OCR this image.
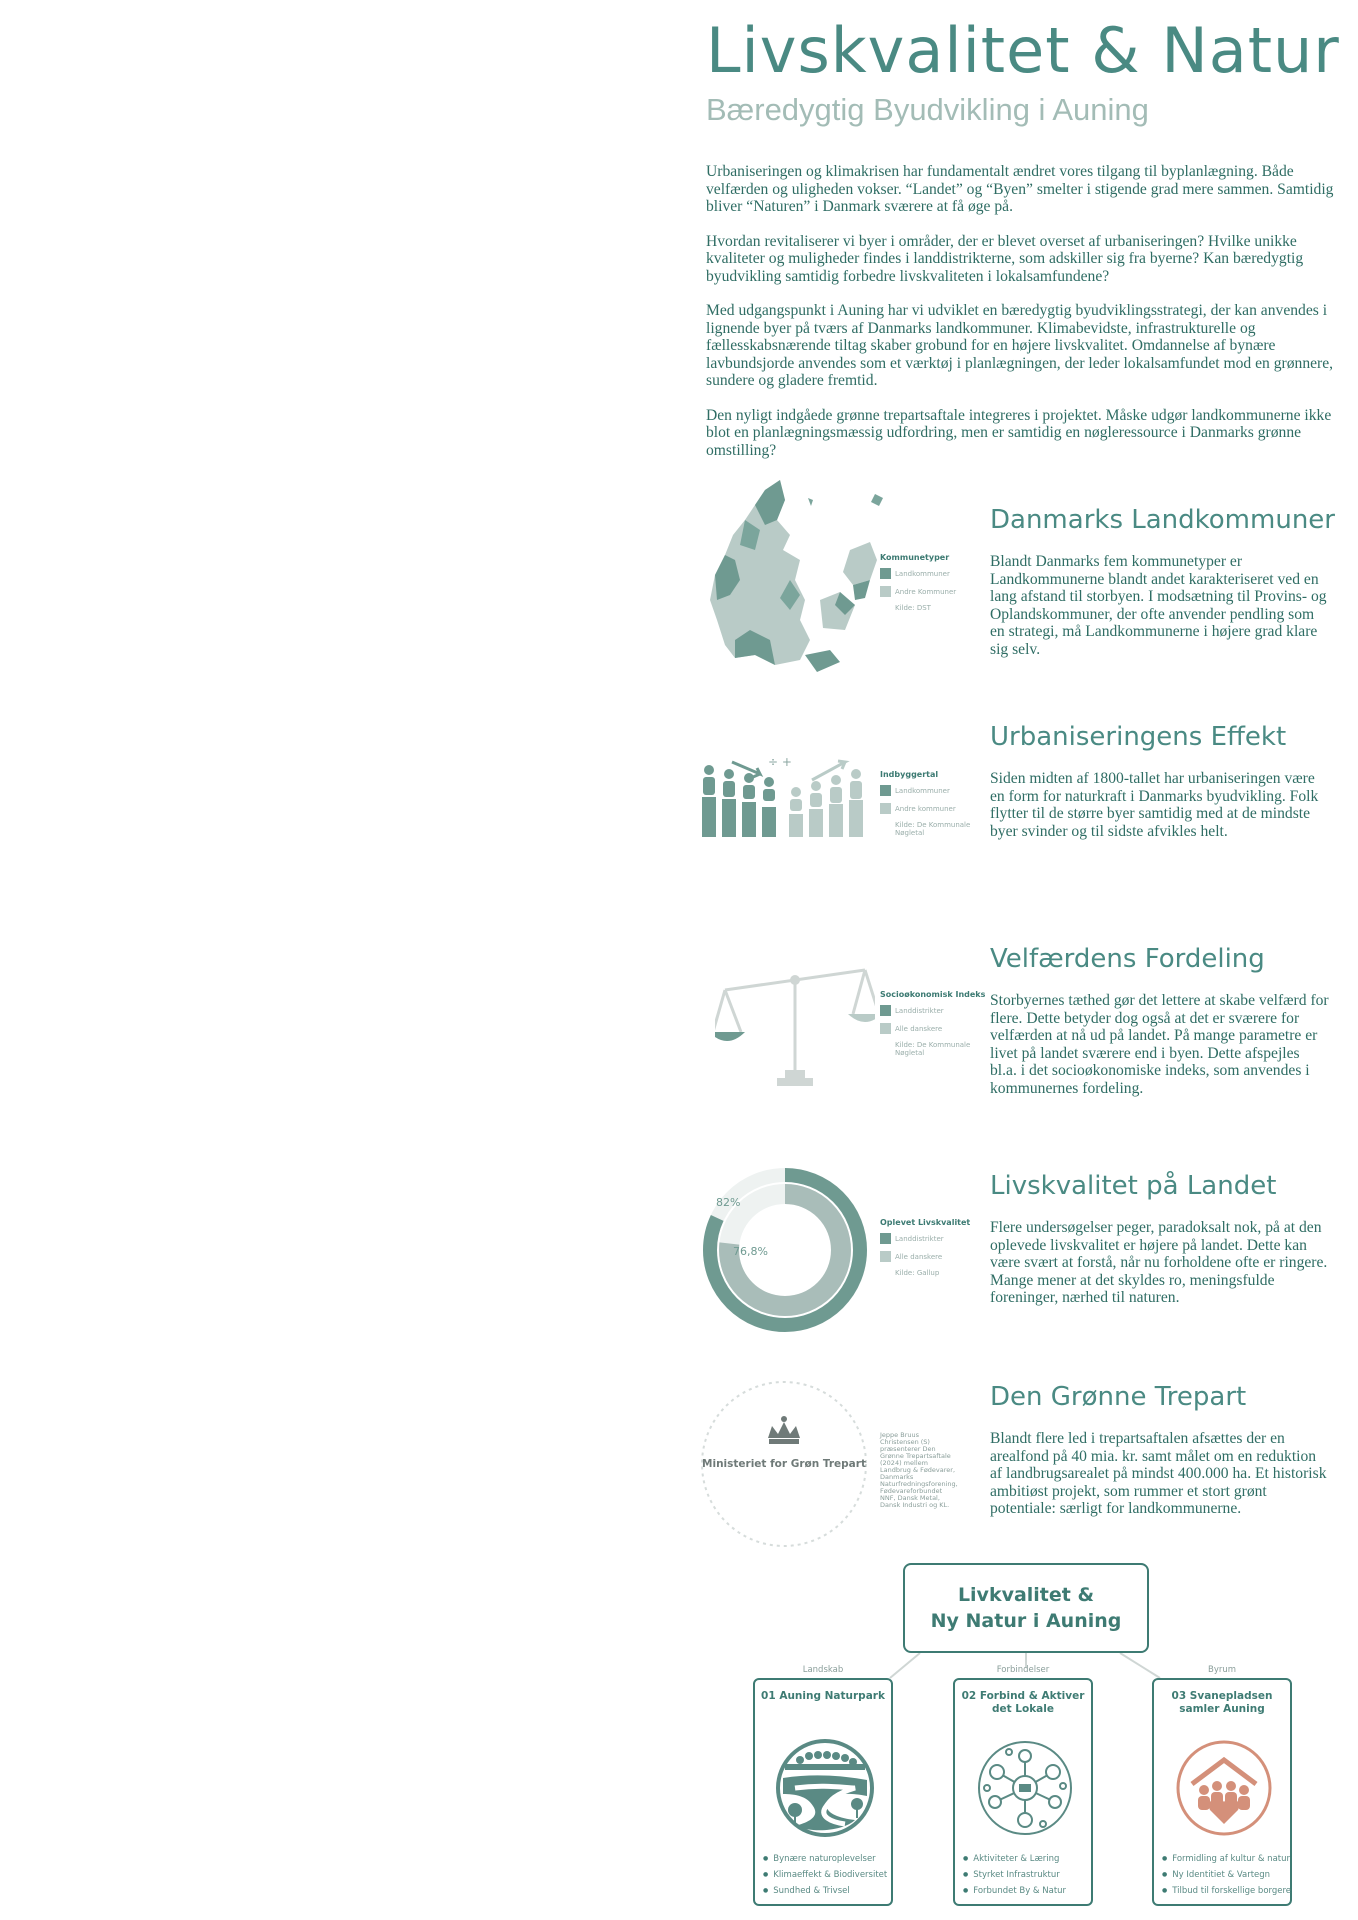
Livskvalitet & Natur
Bæredygtig Byudvikling i Auning

Urbaniseringen og klimakrisen har fundamentalt ændret vores tilgang til byplanlægning. Både velfærden og uligheden vokser. “Landet” og “Byen” smelter i stigende grad mere sammen. Samtidig bliver “Naturen” i Danmark sværere at få øge på.

Hvordan revitaliserer vi byer i områder, der er blevet overset af urbaniseringen? Hvilke unikke kvaliteter og muligheder findes i landdistrikterne, som adskiller sig fra byerne? Kan bæredygtig byudvikling samtidig forbedre livskvaliteten i lokalsamfundene?

Med udgangspunkt i Auning har vi udviklet en bæredygtig byudviklingsstrategi, der kan anvendes i lignende byer på tværs af Danmarks landkommuner. Klimabevidste, infrastrukturelle og fællesskabsnærende tiltag skaber grobund for en højere livskvalitet. Omdannelse af bynære lavbundsjorde anvendes som et værktøj i planlægningen, der leder lokalsamfundet mod en grønnere, sundere og gladere fremtid.

Den nyligt indgåede grønne trepartsaftale integreres i projektet. Måske udgør landkommunerne ikke blot en planlægningsmæssig udfordring, men er samtidig en nøgleressource i Danmarks grønne omstilling?

Kommunetyper
Landkommuner
Andre Kommuner
Kilde: DST
Danmarks Landkommuner
Blandt Danmarks fem kommunetyper er Landkommunerne blandt andet karakteriseret ved en lang afstand til storbyen. I modsætning til Provins- og Oplandskommuner, der ofte anvender pendling som en strategi, må Landkommunerne i højere grad klare sig selv.
÷ +
Indbyggertal
Landkommuner
Andre kommuner
Kilde: De Kommunale Nøgletal
Urbaniseringens Effekt
Siden midten af 1800-tallet har urbaniseringen være en form for naturkraft i Danmarks byudvikling. Folk flytter til de større byer samtidig med at de mindste byer svinder og til sidste afvikles helt.
Socioøkonomisk Indeks
Landdistrikter
Alle danskere
Kilde: De Kommunale Nøgletal
Velfærdens Fordeling
Storbyernes tæthed gør det lettere at skabe velfærd for flere. Dette betyder dog også at det er sværere for velfærden at nå ud på landet. På mange parametre er livet på landet sværere end i byen. Dette afspejles bl.a. i det socioøkonomiske indeks, som anvendes i kommunernes fordeling.
82%
76,8%
Oplevet Livskvalitet
Landdistrikter
Alle danskere
Kilde: Gallup
Livskvalitet på Landet
Flere undersøgelser peger, paradoksalt nok, på at den oplevede livskvalitet er højere på landet. Dette kan være svært at forstå, når nu forholdene ofte er ringere. Mange mener at det skyldes ro, meningsfulde foreninger, nærhed til naturen.
Ministeriet for Grøn Trepart
Jeppe Bruus Christensen (S) præsenterer Den Grønne Trepartsaftale (2024) mellem Landbrug & Fødevarer, Danmarks Naturfredningsforening, Fødevareforbundet NNF, Dansk Metal, Dansk Industri og KL.
Den Grønne Trepart
Blandt flere led i trepartsaftalen afsættes der en arealfond på 40 mia. kr. samt målet om en reduktion af landbrugsarealet på mindst 400.000 ha. Et historisk ambitiøst projekt, som rummer et stort grønt potentiale: særligt for landkommunerne.
Livkvalitet &
Ny Natur i Auning
Landskab	Forbindelser	Byrum
01 Auning Naturpark
● Bynære naturoplevelser
● Klimaeffekt & Biodiversitet
● Sundhed & Trivsel
02 Forbind & Aktiver det Lokale
● Aktiviteter & Læring
● Styrket Infrastruktur
● Forbundet By & Natur
03 Svanepladsen samler Auning
● Formidling af kultur & natur
● Ny Identitiet & Vartegn
● Tilbud til forskellige borgere
